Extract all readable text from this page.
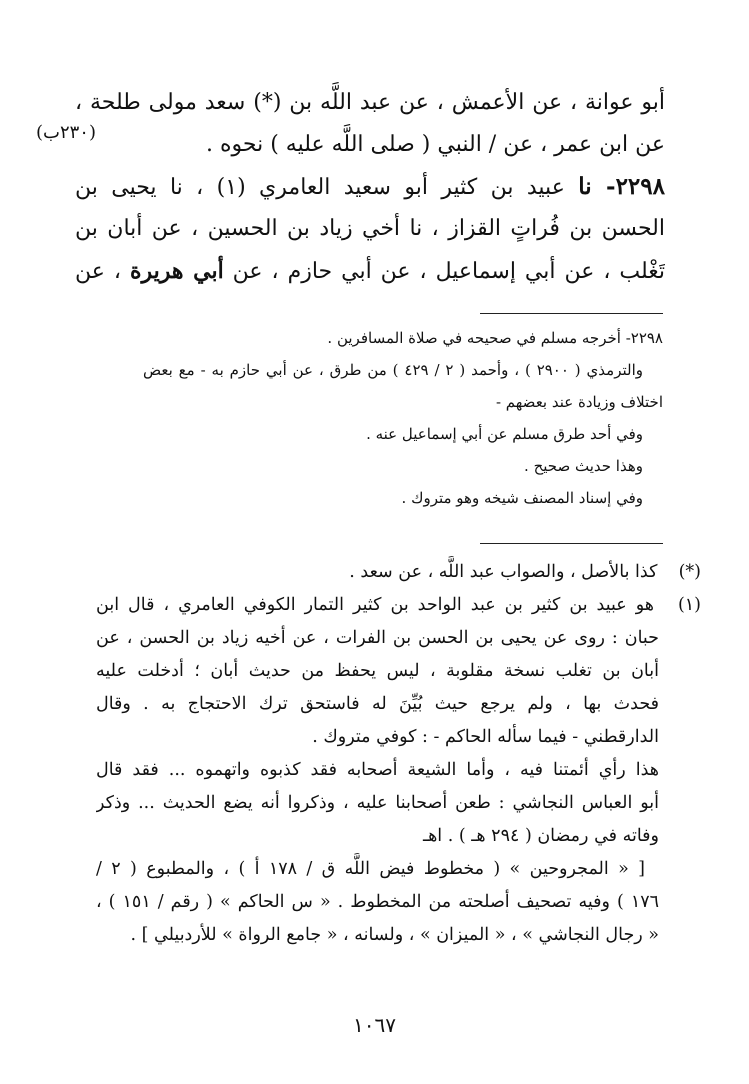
(٢٣٠ب)
أبو عوانة ، عن الأعمش ، عن عبد اللَّه بن (*) سعد مولى طلحة ،
عن ابن عمر ، عن / النبي ( صلى اللَّه عليه ) نحوه .
٢٢٩٨- نا عبيد بن كثير أبو سعيد العامري (١) ، نا يحيى بن
الحسن بن فُراتٍ القزاز ، نا أخي زياد بن الحسين ، عن أبان بن
تَغْلب ، عن أبي إسماعيل ، عن أبي حازم ، عن أبي هريرة ، عن
٢٢٩٨- أخرجه مسلم في صحيحه في صلاة المسافرين .
والترمذي ( ٢٩٠٠ ) ، وأحمد ( ٢ / ٤٢٩ ) من طرق ، عن أبي حازم به - مع بعض
اختلاف وزيادة عند بعضهم -
وفي أحد طرق مسلم عن أبي إسماعيل عنه .
وهذا حديث صحيح .
وفي إسناد المصنف شيخه وهو متروك .
(*) كذا بالأصل ، والصواب عبد اللَّه ، عن سعد .
(١) هو عبيد بن كثير بن عبد الواحد بن كثير التمار الكوفي العامري ، قال ابن
حبان : روى عن يحيى بن الحسن بن الفرات ، عن أخيه زياد بن الحسن ، عن
أبان بن تغلب نسخة مقلوبة ، ليس يحفظ من حديث أبان ؛ أدخلت عليه
فحدث بها ، ولم يرجع حيث بُيِّنَ له فاستحق ترك الاحتجاج به . وقال
الدارقطني - فيما سأله الحاكم - : كوفي متروك .
هذا رأي أئمتنا فيه ، وأما الشيعة أصحابه فقد كذبوه واتهموه ... فقد قال
أبو العباس النجاشي : طعن أصحابنا عليه ، وذكروا أنه يضع الحديث ... وذكر
وفاته في رمضان ( ٢٩٤ هـ ) . اهـ
[ « المجروحين » ( مخطوط فيض اللَّه ق / ١٧٨ أ ) ، والمطبوع ( ٢ /
١٧٦ ) وفيه تصحيف أصلحته من المخطوط . « س الحاكم » ( رقم / ١٥١ ) ،
« رجال النجاشي » ، « الميزان » ، ولسانه ، « جامع الرواة » للأردبيلي ] .
١٠٦٧
